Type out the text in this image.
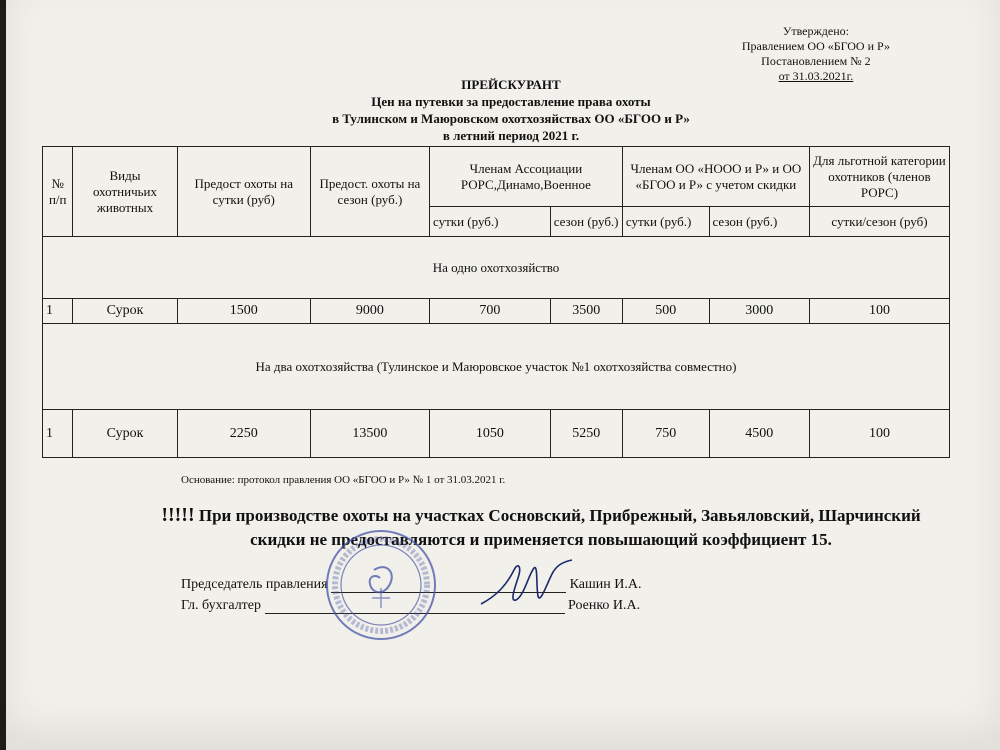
Утверждено:
Правлением ОО «БГОО и Р»
Постановлением № 2
от 31.03.2021г.
ПРЕЙСКУРАНТ
Цен на путевки за предоставление права охоты
в Тулинском и Маюровском охотхозяйствах ОО «БГОО и Р»
в летний период 2021 г.
№ п/п	Виды охотничьих животных	Предост охоты на сутки (руб)	Предост. охоты на сезон (руб.)	Членам Ассоциации РОРС,Динамо,Военное		Членам ОО «НООО и Р» и ОО «БГОО и Р» с учетом скидки		Для льготной категории охотников (членов РОРС)
				сутки (руб.)	сезон (руб.)	сутки (руб.)	сезон (руб.)	сутки/сезон (руб)
На одно охотхозяйство								
1	Сурок	1500	9000	700	3500	500	3000	100
На два охотхозяйства (Тулинское и Маюровское участок №1 охотхозяйства совместно)								
1	Сурок	2250	13500	1050	5250	750	4500	100
Основание: протокол правления ОО «БГОО и Р» № 1 от 31.03.2021 г.
!!!!! При производстве охоты на участках Сосновский, Прибрежный, Завьяловский, Шарчинский скидки не предоставляются и применяется повышающий коэффициент 15.
Председатель правления	Кашин И.А.
Гл. бухгалтер	Роенко И.А.
